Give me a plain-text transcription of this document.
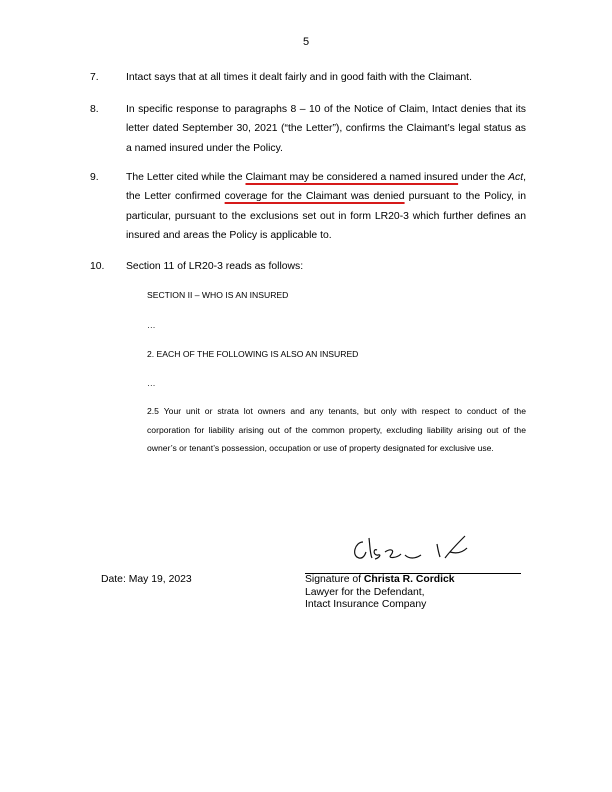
5
7.	Intact says that at all times it dealt fairly and in good faith with the Claimant.
8.	In specific response to paragraphs 8 – 10 of the Notice of Claim, Intact denies that its letter dated September 30, 2021 (“the Letter”), confirms the Claimant’s legal status as a named insured under the Policy.
9.	The Letter cited while the Claimant may be considered a named insured under the Act, the Letter confirmed coverage for the Claimant was denied pursuant to the Policy, in particular, pursuant to the exclusions set out in form LR20-3 which further defines an insured and areas the Policy is applicable to.
10. Section 11 of LR20-3 reads as follows:
SECTION II – WHO IS AN INSURED
…
2. EACH OF THE FOLLOWING IS ALSO AN INSURED
…
2.5 Your unit or strata lot owners and any tenants, but only with respect to conduct of the corporation for liability arising out of the common property, excluding liability arising out of the owner’s or tenant’s possession, occupation or use of property designated for exclusive use.
Date: May 19, 2023	Signature of Christa R. Cordick
Lawyer for the Defendant,
Intact Insurance Company
